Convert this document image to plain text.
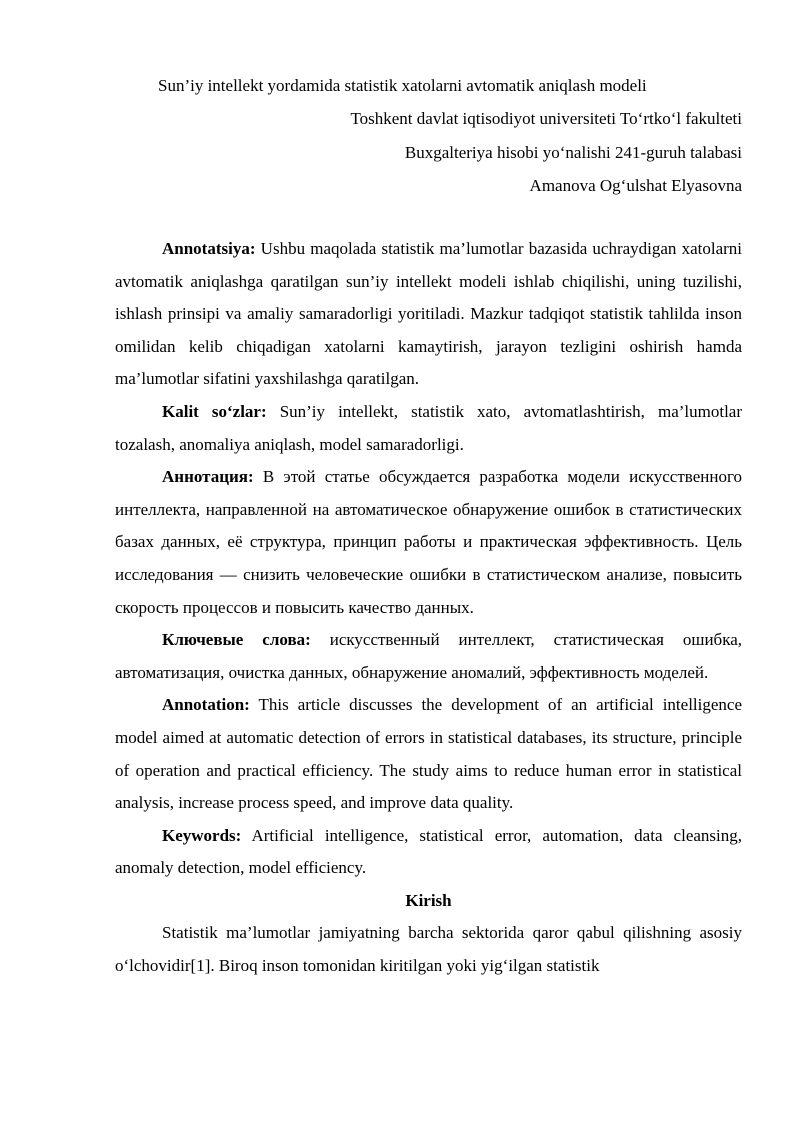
Sun’iy intellekt yordamida statistik xatolarni avtomatik aniqlash modeli
Toshkent davlat iqtisodiyot universiteti To‘rtko‘l fakulteti
Buxgalteriya hisobi yo‘nalishi 241-guruh talabasi
Amanova Og‘ulshat Elyasovna

Annotatsiya: Ushbu maqolada statistik ma’lumotlar bazasida uchraydigan xatolarni avtomatik aniqlashga qaratilgan sun’iy intellekt modeli ishlab chiqilishi, uning tuzilishi, ishlash prinsipi va amaliy samaradorligi yoritiladi. Mazkur tadqiqot statistik tahlilda inson omilidan kelib chiqadigan xatolarni kamaytirish, jarayon tezligini oshirish hamda ma’lumotlar sifatini yaxshilashga qaratilgan.

Kalit so‘zlar: Sun’iy intellekt, statistik xato, avtomatlashtirish, ma’lumotlar tozalash, anomaliya aniqlash, model samaradorligi.

Аннотация: В этой статье обсуждается разработка модели искусственного интеллекта, направленной на автоматическое обнаружение ошибок в статистических базах данных, её структура, принцип работы и практическая эффективность. Цель исследования — снизить человеческие ошибки в статистическом анализе, повысить скорость процессов и повысить качество данных.

Ключевые слова: искусственный интеллект, статистическая ошибка, автоматизация, очистка данных, обнаружение аномалий, эффективность моделей.

Annotation: This article discusses the development of an artificial intelligence model aimed at automatic detection of errors in statistical databases, its structure, principle of operation and practical efficiency. The study aims to reduce human error in statistical analysis, increase process speed, and improve data quality.

Keywords: Artificial intelligence, statistical error, automation, data cleansing, anomaly detection, model efficiency.

Kirish

Statistik ma’lumotlar jamiyatning barcha sektorida qaror qabul qilishning asosiy o‘lchovidir[1]. Biroq inson tomonidan kiritilgan yoki yig‘ilgan statistik
